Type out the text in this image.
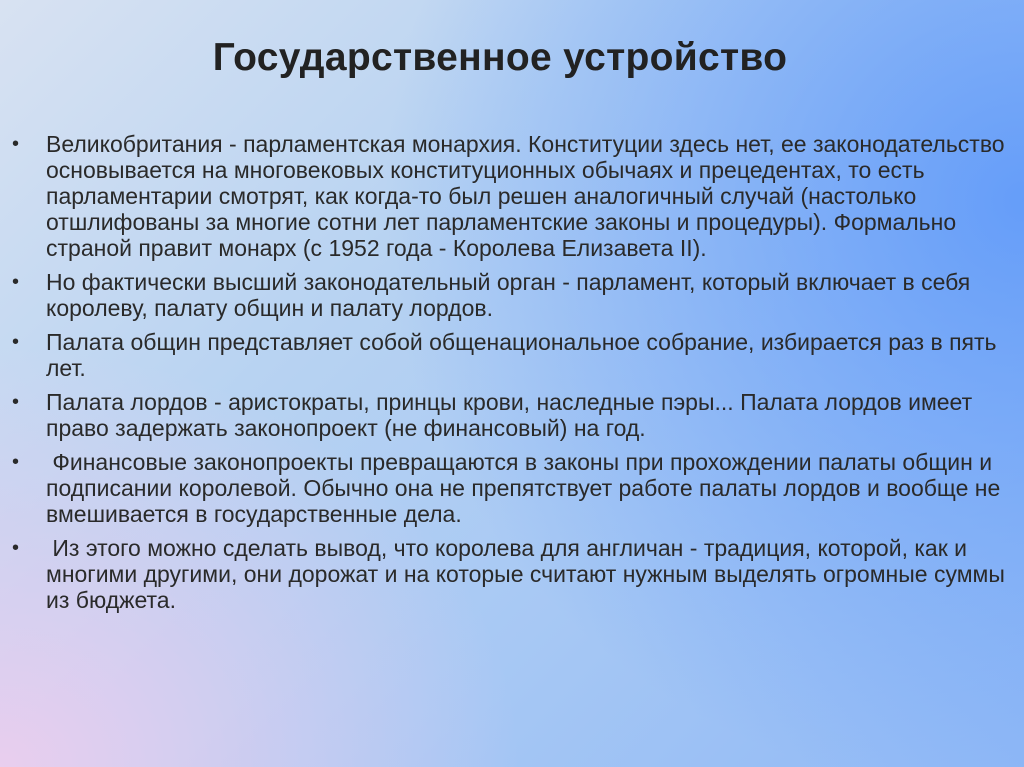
Государственное устройство
•	Великобритания - парламентская монархия. Конституции здесь нет, ее законодательство основывается на многовековых конституционных обычаях и прецедентах, то есть парламентарии смотрят, как когда-то был решен аналогичный случай (настолько отшлифованы за многие сотни лет парламентские законы и процедуры). Формально страной правит монарх (с 1952 года - Королева Елизавета II).
•	Но фактически высший законодательный орган - парламент, который включает в себя королеву, палату общин и палату лордов.
•	Палата общин представляет собой общенациональное собрание, избирается раз в пять лет.
•	Палата лордов - аристократы, принцы крови, наследные пэры... Палата лордов имеет право задержать законопроект (не финансовый) на год.
•	Финансовые законопроекты превращаются в законы при прохождении палаты общин и подписании королевой. Обычно она не препятствует работе палаты лордов и вообще не вмешивается в государственные дела.
•	Из этого можно сделать вывод, что королева для англичан - традиция, которой, как и многими другими, они дорожат и на которые считают нужным выделять огромные суммы из бюджета.
